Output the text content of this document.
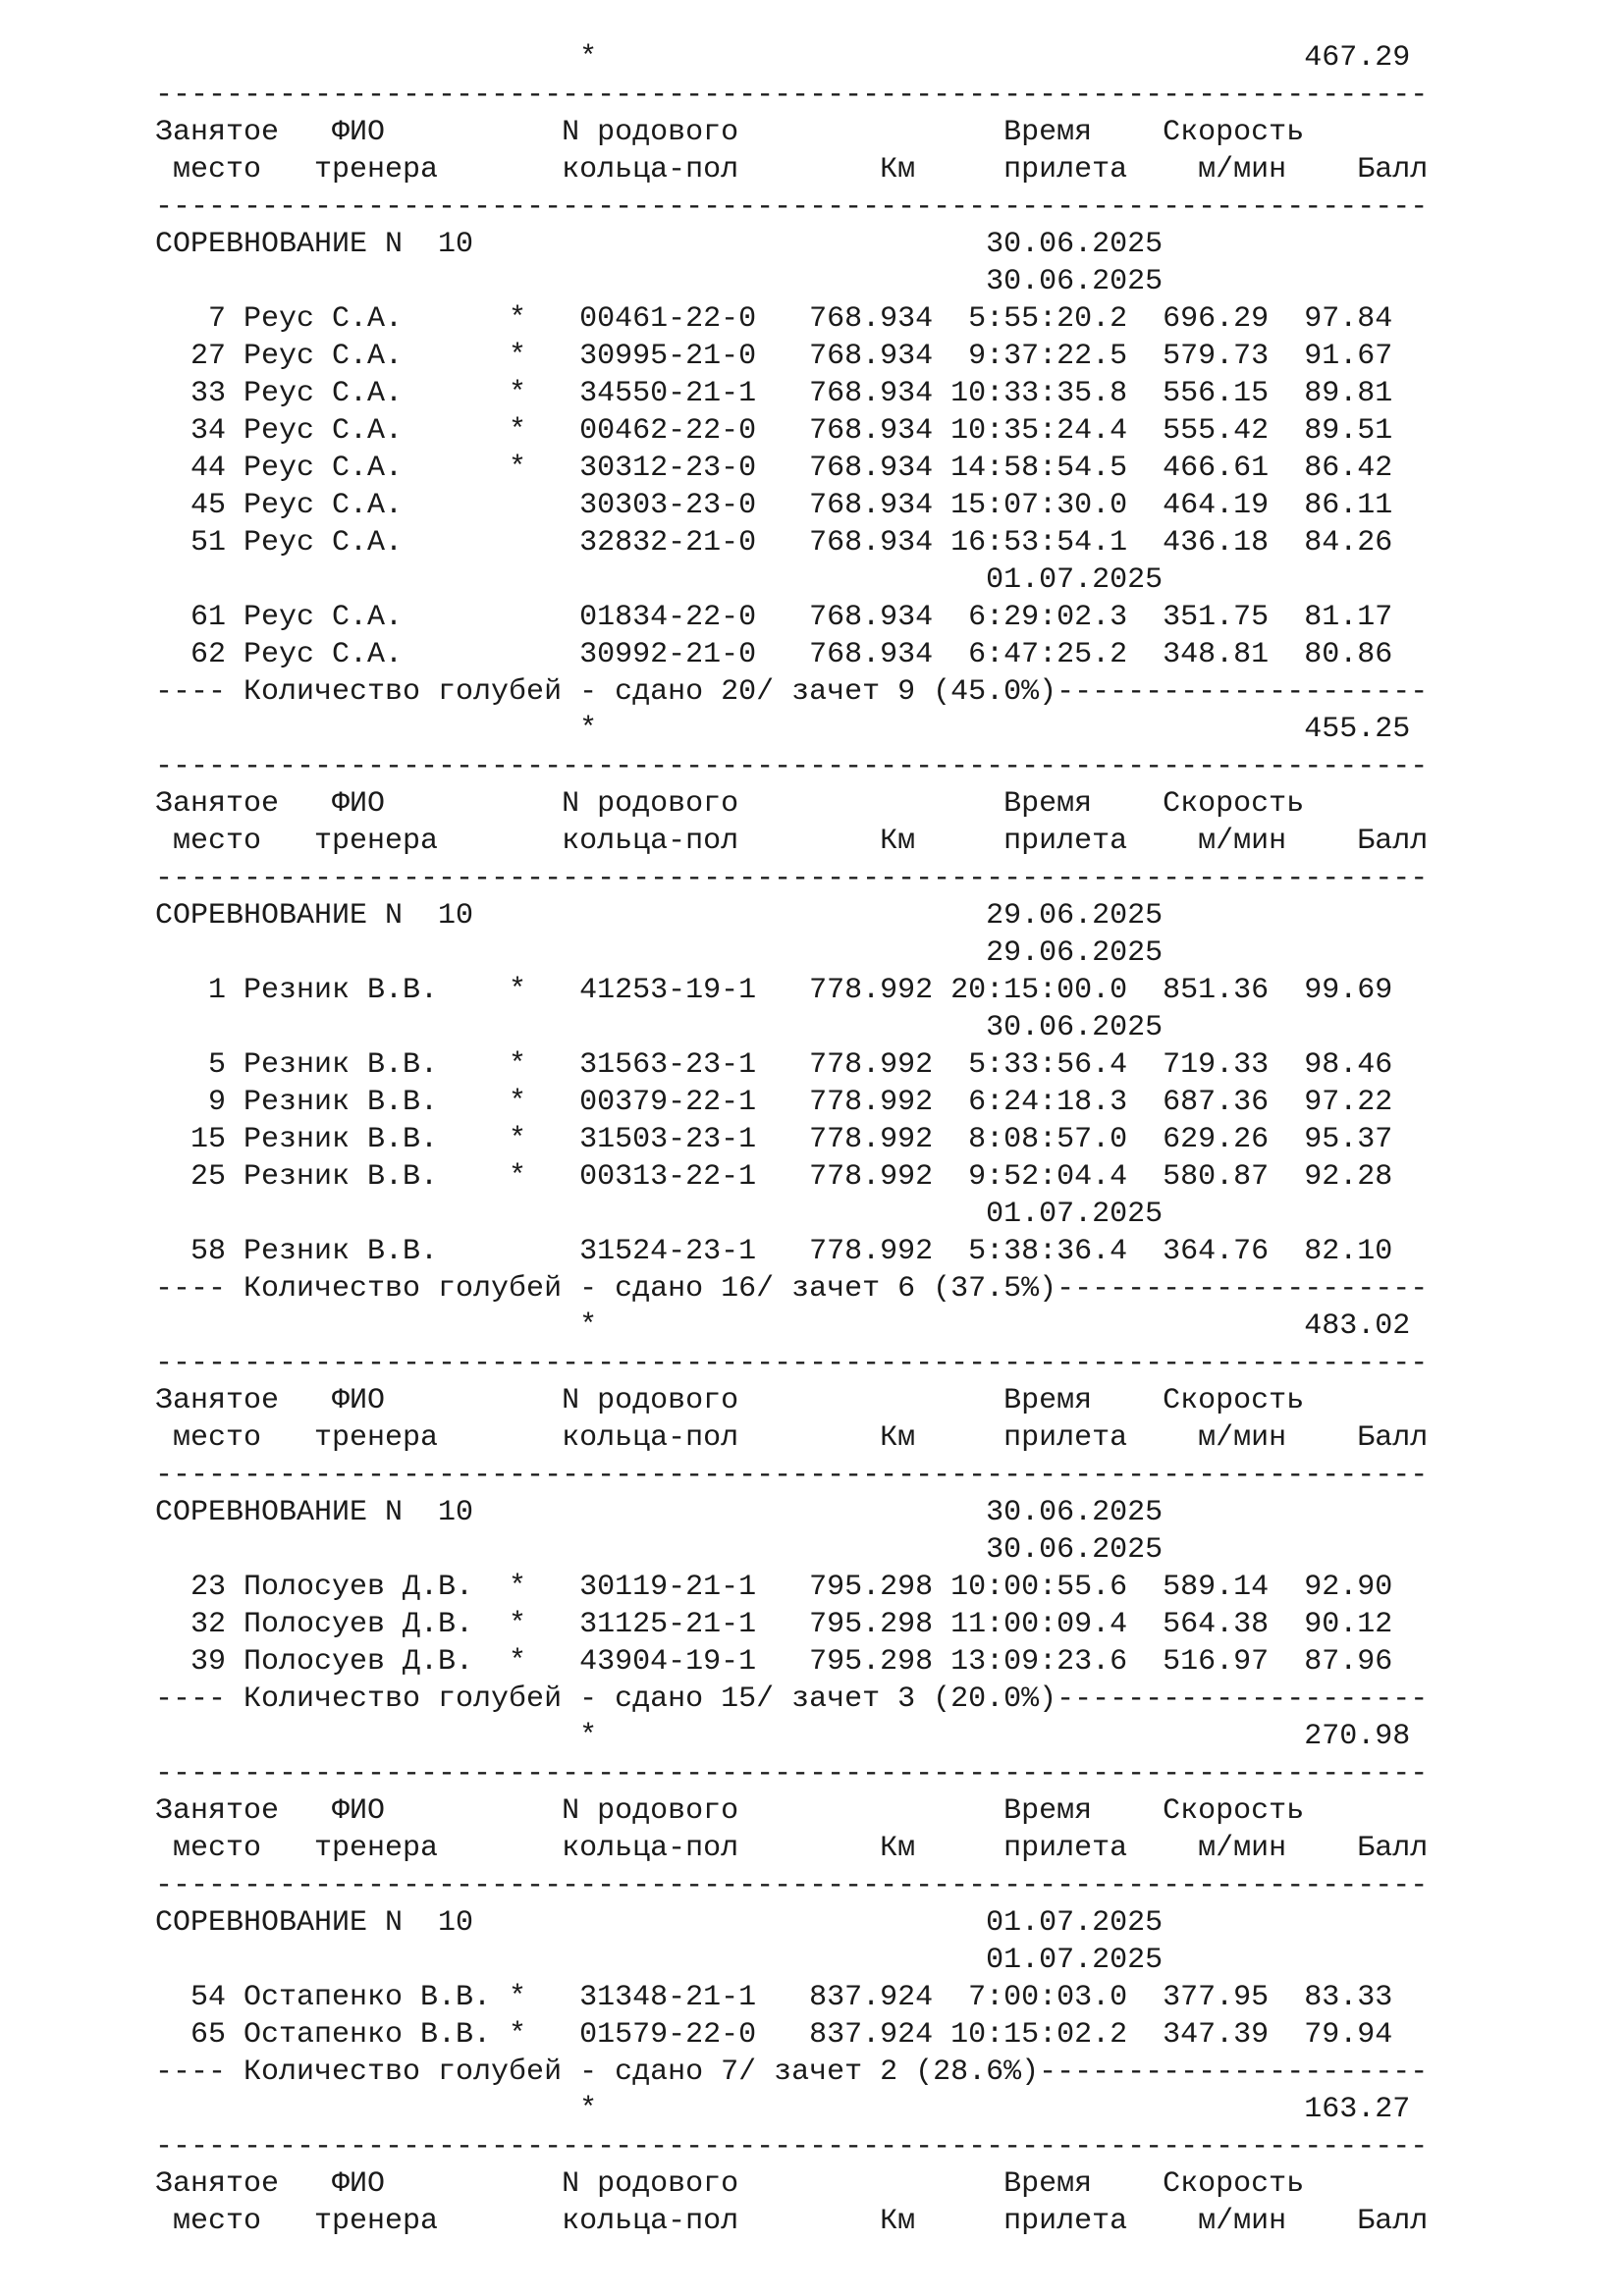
*                                        467.29
------------------------------------------------------------------------
Занятое   ФИО          N родового               Время    Скорость
место   тренера       кольца-пол        Км     прилета    м/мин    Балл
------------------------------------------------------------------------
СОРЕВНОВАНИЕ N  10                             30.06.2025
30.06.2025
7 Реус С.А.      *   00461-22-0   768.934  5:55:20.2  696.29  97.84
27 Реус С.А.      *   30995-21-0   768.934  9:37:22.5  579.73  91.67
33 Реус С.А.      *   34550-21-1   768.934 10:33:35.8  556.15  89.81
34 Реус С.А.      *   00462-22-0   768.934 10:35:24.4  555.42  89.51
44 Реус С.А.      *   30312-23-0   768.934 14:58:54.5  466.61  86.42
45 Реус С.А.          30303-23-0   768.934 15:07:30.0  464.19  86.11
51 Реус С.А.          32832-21-0   768.934 16:53:54.1  436.18  84.26
01.07.2025
61 Реус С.А.          01834-22-0   768.934  6:29:02.3  351.75  81.17
62 Реус С.А.          30992-21-0   768.934  6:47:25.2  348.81  80.86
---- Количество голубей - сдано 20/ зачет 9 (45.0%)---------------------
*                                        455.25
------------------------------------------------------------------------
Занятое   ФИО          N родового               Время    Скорость
место   тренера       кольца-пол        Км     прилета    м/мин    Балл
------------------------------------------------------------------------
СОРЕВНОВАНИЕ N  10                             29.06.2025
29.06.2025
1 Резник В.В.    *   41253-19-1   778.992 20:15:00.0  851.36  99.69
30.06.2025
5 Резник В.В.    *   31563-23-1   778.992  5:33:56.4  719.33  98.46
9 Резник В.В.    *   00379-22-1   778.992  6:24:18.3  687.36  97.22
15 Резник В.В.    *   31503-23-1   778.992  8:08:57.0  629.26  95.37
25 Резник В.В.    *   00313-22-1   778.992  9:52:04.4  580.87  92.28
01.07.2025
58 Резник В.В.        31524-23-1   778.992  5:38:36.4  364.76  82.10
---- Количество голубей - сдано 16/ зачет 6 (37.5%)---------------------
*                                        483.02
------------------------------------------------------------------------
Занятое   ФИО          N родового               Время    Скорость
место   тренера       кольца-пол        Км     прилета    м/мин    Балл
------------------------------------------------------------------------
СОРЕВНОВАНИЕ N  10                             30.06.2025
30.06.2025
23 Полосуев Д.В.  *   30119-21-1   795.298 10:00:55.6  589.14  92.90
32 Полосуев Д.В.  *   31125-21-1   795.298 11:00:09.4  564.38  90.12
39 Полосуев Д.В.  *   43904-19-1   795.298 13:09:23.6  516.97  87.96
---- Количество голубей - сдано 15/ зачет 3 (20.0%)---------------------
*                                        270.98
------------------------------------------------------------------------
Занятое   ФИО          N родового               Время    Скорость
место   тренера       кольца-пол        Км     прилета    м/мин    Балл
------------------------------------------------------------------------
СОРЕВНОВАНИЕ N  10                             01.07.2025
01.07.2025
54 Остапенко В.В. *   31348-21-1   837.924  7:00:03.0  377.95  83.33
65 Остапенко В.В. *   01579-22-0   837.924 10:15:02.2  347.39  79.94
---- Количество голубей - сдано 7/ зачет 2 (28.6%)----------------------
*                                        163.27
------------------------------------------------------------------------
Занятое   ФИО          N родового               Время    Скорость
место   тренера       кольца-пол        Км     прилета    м/мин    Балл
